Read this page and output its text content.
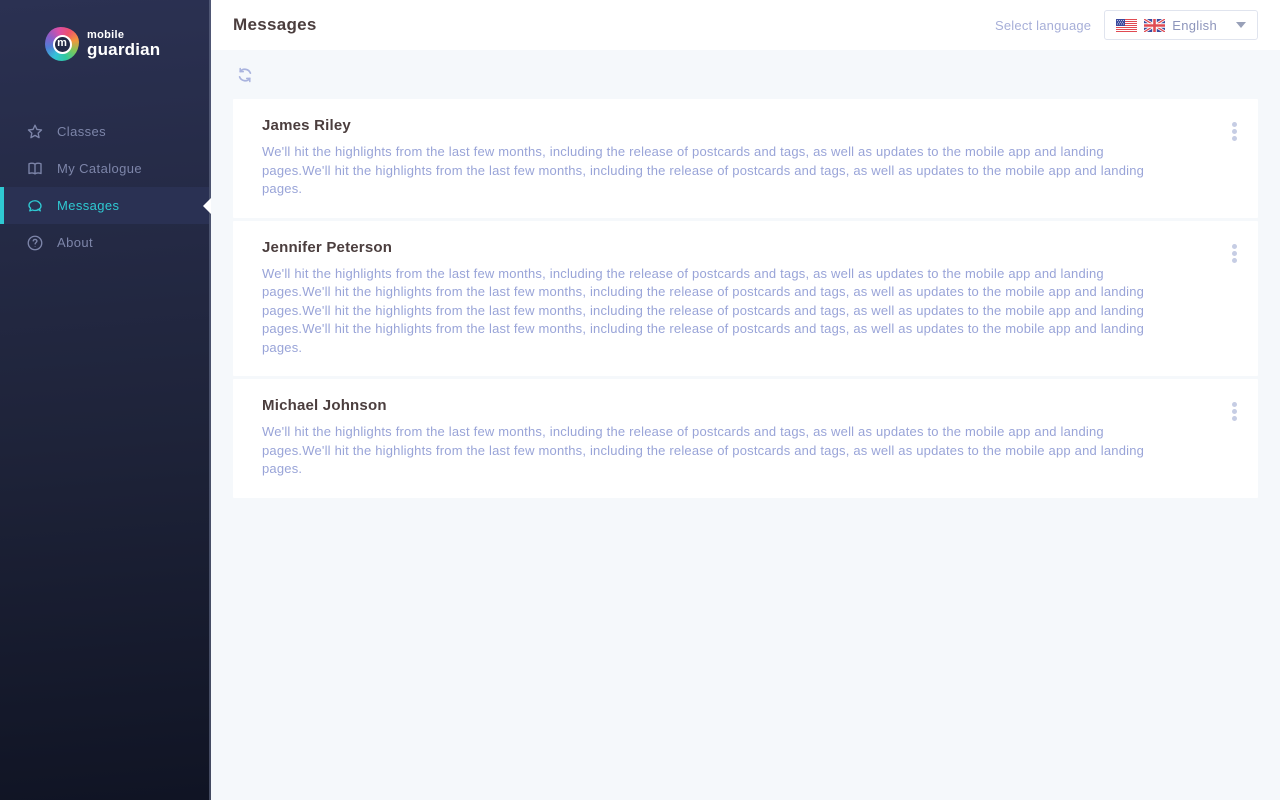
m
mobile
guardian
Classes
My Catalogue
Messages
About
Messages	Select language	English
James Riley
We'll hit the highlights from the last few months, including the release of postcards and tags, as well as updates to the mobile app and landing pages.We'll hit the highlights from the last few months, including the release of postcards and tags, as well as updates to the mobile app and landing pages.
Jennifer Peterson
We'll hit the highlights from the last few months, including the release of postcards and tags, as well as updates to the mobile app and landing pages.We'll hit the highlights from the last few months, including the release of postcards and tags, as well as updates to the mobile app and landing pages.We'll hit the highlights from the last few months, including the release of postcards and tags, as well as updates to the mobile app and landing pages.We'll hit the highlights from the last few months, including the release of postcards and tags, as well as updates to the mobile app and landing pages.
Michael Johnson
We'll hit the highlights from the last few months, including the release of postcards and tags, as well as updates to the mobile app and landing pages.We'll hit the highlights from the last few months, including the release of postcards and tags, as well as updates to the mobile app and landing pages.
